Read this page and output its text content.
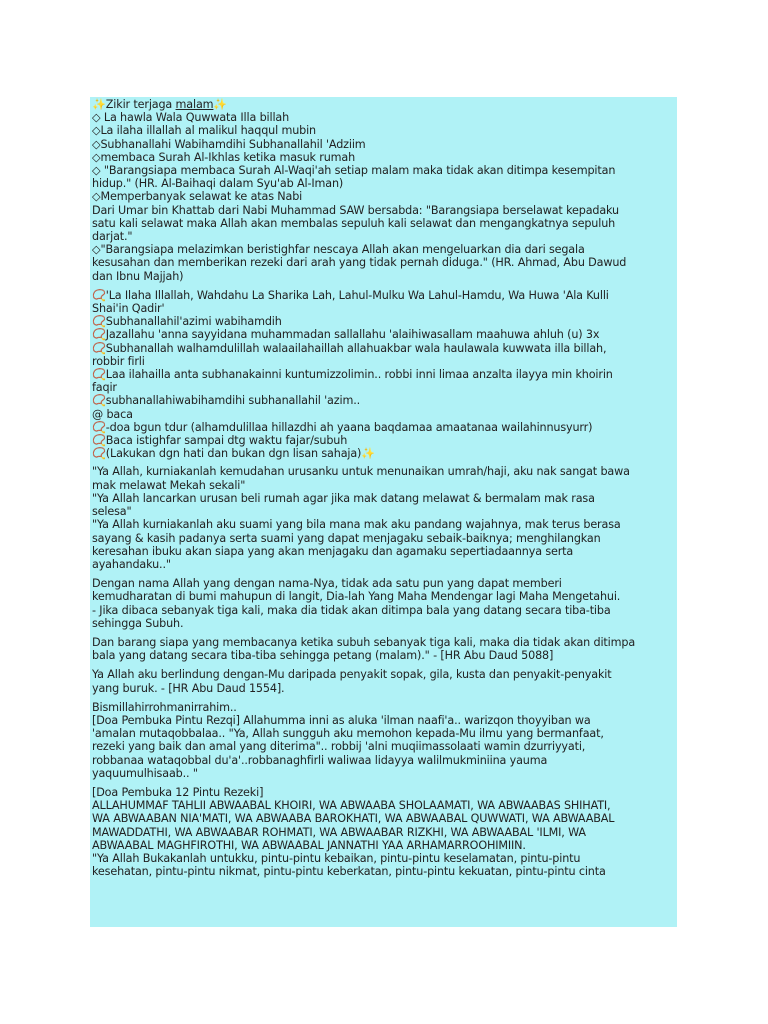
✨Zikir terjaga malam✨
◇ La hawla Wala Quwwata Illa billah
◇La ilaha illallah al malikul haqqul mubin
◇Subhanallahi Wabihamdihi Subhanallahil 'Adziim
◇membaca Surah Al-Ikhlas ketika masuk rumah
◇ "Barangsiapa membaca Surah Al-Waqi'ah setiap malam maka tidak akan ditimpa kesempitan
hidup." (HR. Al-Baihaqi dalam Syu'ab Al-Iman)
◇Memperbanyak selawat ke atas Nabi
Dari Umar bin Khattab dari Nabi Muhammad SAW bersabda: "Barangsiapa berselawat kepadaku
satu kali selawat maka Allah akan membalas sepuluh kali selawat dan mengangkatnya sepuluh
darjat."
◇"Barangsiapa melazimkan beristighfar nescaya Allah akan mengeluarkan dia dari segala
kesusahan dan memberikan rezeki dari arah yang tidak pernah diduga." (HR. Ahmad, Abu Dawud
dan Ibnu Majjah)
📿'La Ilaha Illallah, Wahdahu La Sharika Lah, Lahul-Mulku Wa Lahul-Hamdu, Wa Huwa 'Ala Kulli
Shai'in Qadir'
📿Subhanallahil'azimi wabihamdih
📿Jazallahu 'anna sayyidana muhammadan sallallahu 'alaihiwasallam maahuwa ahluh (u) 3x
📿Subhanallah walhamdulillah walaailahaillah allahuakbar wala haulawala kuwwata illa billah,
robbir firli
📿Laa ilahailla anta subhanakainni kuntumizzolimin.. robbi inni limaa anzalta ilayya min khoirin
faqir
📿subhanallahiwabihamdihi subhanallahil 'azim..
@ baca
📿-doa bgun tdur (alhamdulillaa hillazdhi ah yaana baqdamaa amaatanaa wailahinnusyurr)
📿Baca istighfar sampai dtg waktu fajar/subuh
📿(Lakukan dgn hati dan bukan dgn lisan sahaja)✨
"Ya Allah, kurniakanlah kemudahan urusanku untuk menunaikan umrah/haji, aku nak sangat bawa
mak melawat Mekah sekali"
"Ya Allah lancarkan urusan beli rumah agar jika mak datang melawat & bermalam mak rasa
selesa"
"Ya Allah kurniakanlah aku suami yang bila mana mak aku pandang wajahnya, mak terus berasa
sayang & kasih padanya serta suami yang dapat menjagaku sebaik-baiknya; menghilangkan
keresahan ibuku akan siapa yang akan menjagaku dan agamaku sepertiadaannya serta
ayahandaku.."
Dengan nama Allah yang dengan nama-Nya, tidak ada satu pun yang dapat memberi
kemudharatan di bumi mahupun di langit, Dia-lah Yang Maha Mendengar lagi Maha Mengetahui.
- Jika dibaca sebanyak tiga kali, maka dia tidak akan ditimpa bala yang datang secara tiba-tiba
sehingga Subuh.
Dan barang siapa yang membacanya ketika subuh sebanyak tiga kali, maka dia tidak akan ditimpa
bala yang datang secara tiba-tiba sehingga petang (malam)." - [HR Abu Daud 5088]
Ya Allah aku berlindung dengan-Mu daripada penyakit sopak, gila, kusta dan penyakit-penyakit
yang buruk. - [HR Abu Daud 1554].
Bismillahirrohmanirrahim..
[Doa Pembuka Pintu Rezqi] Allahumma inni as aluka 'ilman naafi'a.. warizqon thoyyiban wa
'amalan mutaqobbalaa.. "Ya, Allah sungguh aku memohon kepada-Mu ilmu yang bermanfaat,
rezeki yang baik dan amal yang diterima".. robbij 'alni muqiimassolaati wamin dzurriyyati,
robbanaa wataqobbal du'a'..robbanaghfirli waliwaa lidayya walilmukminiina yauma
yaquumulhisaab.. "
[Doa Pembuka 12 Pintu Rezeki]
ALLAHUMMAF TAHLII ABWAABAL KHOIRI, WA ABWAABA SHOLAAMATI, WA ABWAABAS SHIHATI,
WA ABWAABAN NIA'MATI, WA ABWAABA BAROKHATI, WA ABWAABAL QUWWATI, WA ABWAABAL
MAWADDATHI, WA ABWAABAR ROHMATI, WA ABWAABAR RIZKHI, WA ABWAABAL 'ILMI, WA
ABWAABAL MAGHFIROTHI, WA ABWAABAL JANNATHI YAA ARHAMARROOHIMIIN.
"Ya Allah Bukakanlah untukku, pintu-pintu kebaikan, pintu-pintu keselamatan, pintu-pintu
kesehatan, pintu-pintu nikmat, pintu-pintu keberkatan, pintu-pintu kekuatan, pintu-pintu cinta
